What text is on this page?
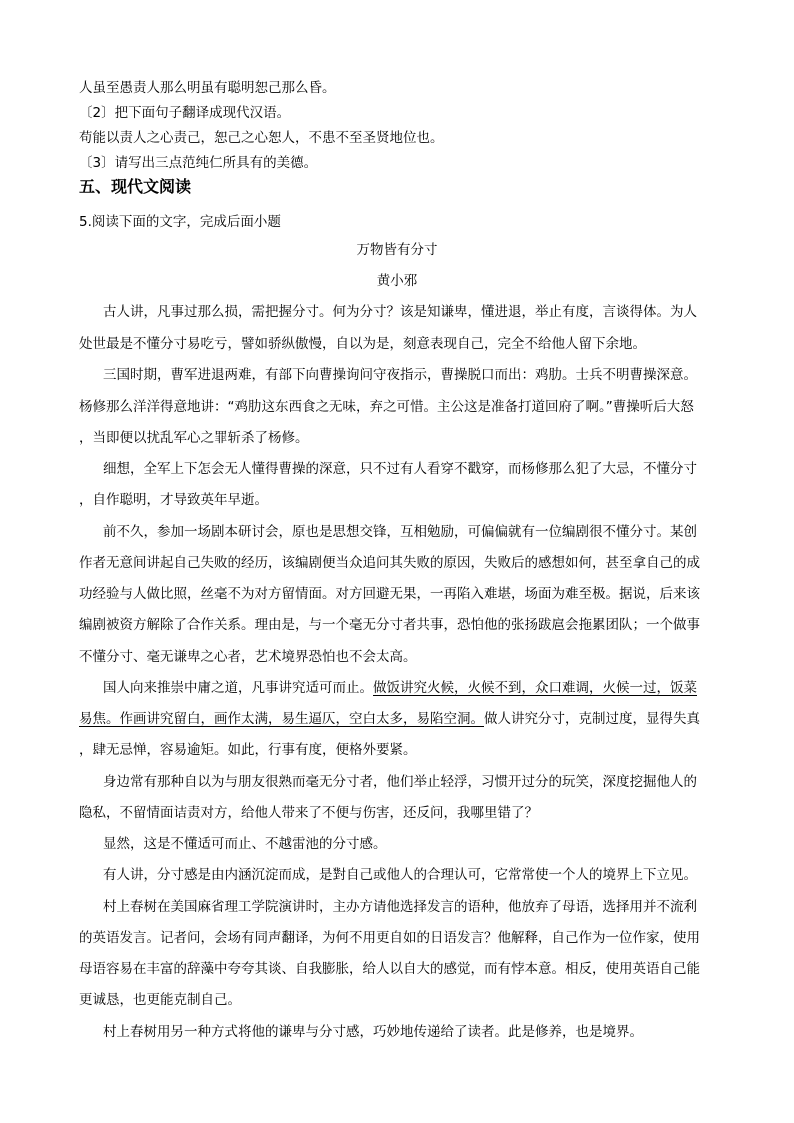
人虽至愚责人那么明虽有聪明恕己那么昏。
〔2〕把下面句子翻译成现代汉语。
苟能以责人之心责己，恕己之心恕人，不患不至圣贤地位也。
〔3〕请写出三点范纯仁所具有的美德。
五、现代文阅读
5.阅读下面的文字，完成后面小题
万物皆有分寸
黄小邪
古人讲，凡事过那么损，需把握分寸。何为分寸？该是知谦卑，懂进退，举止有度，言谈得体。为人
处世最是不懂分寸易吃亏，譬如骄纵傲慢，自以为是，刻意表现自己，完全不给他人留下余地。
三国时期，曹军进退两难，有部下向曹操询问守夜指示，曹操脱口而出：鸡肋。士兵不明曹操深意。
杨修那么洋洋得意地讲：“鸡肋这东西食之无味，弃之可惜。主公这是准备打道回府了啊。”曹操听后大怒
，当即便以扰乱军心之罪斩杀了杨修。
细想，全军上下怎会无人懂得曹操的深意，只不过有人看穿不戳穿，而杨修那么犯了大忌，不懂分寸
，自作聪明，才导致英年早逝。
前不久，参加一场剧本研讨会，原也是思想交锋，互相勉励，可偏偏就有一位编剧很不懂分寸。某创
作者无意间讲起自己失败的经历，该编剧便当众追问其失败的原因，失败后的感想如何，甚至拿自己的成
功经验与人做比照，丝毫不为对方留情面。对方回避无果，一再陷入难堪，场面为难至极。据说，后来该
编剧被资方解除了合作关系。理由是，与一个毫无分寸者共事，恐怕他的张扬跋扈会拖累团队；一个做事
不懂分寸、毫无谦卑之心者，艺术境界恐怕也不会太高。
国人向来推崇中庸之道，凡事讲究适可而止。做饭讲究火候，火候不到，众口难调，火候一过，饭菜
易焦。作画讲究留白，画作太满，易生逼仄，空白太多，易陷空洞。做人讲究分寸，克制过度，显得失真
，肆无忌惮，容易逾矩。如此，行事有度，便格外要紧。
身边常有那种自以为与朋友很熟而毫无分寸者，他们举止轻浮，习惯开过分的玩笑，深度挖掘他人的
隐私，不留情面诘责对方，给他人带来了不便与伤害，还反问，我哪里错了？
显然，这是不懂适可而止、不越雷池的分寸感。
有人讲，分寸感是由内涵沉淀而成，是對自己或他人的合理认可，它常常使一个人的境界上下立见。
村上春树在美国麻省理工学院演讲时，主办方请他选择发言的语种，他放弃了母语，选择用并不流利
的英语发言。记者问，会场有同声翻译，为何不用更自如的日语发言？他解释，自己作为一位作家，使用
母语容易在丰富的辞藻中夸夸其谈、自我膨胀，给人以自大的感觉，而有悖本意。相反，使用英语自己能
更诚恳，也更能克制自己。
村上春树用另一种方式将他的谦卑与分寸感，巧妙地传递给了读者。此是修养，也是境界。
